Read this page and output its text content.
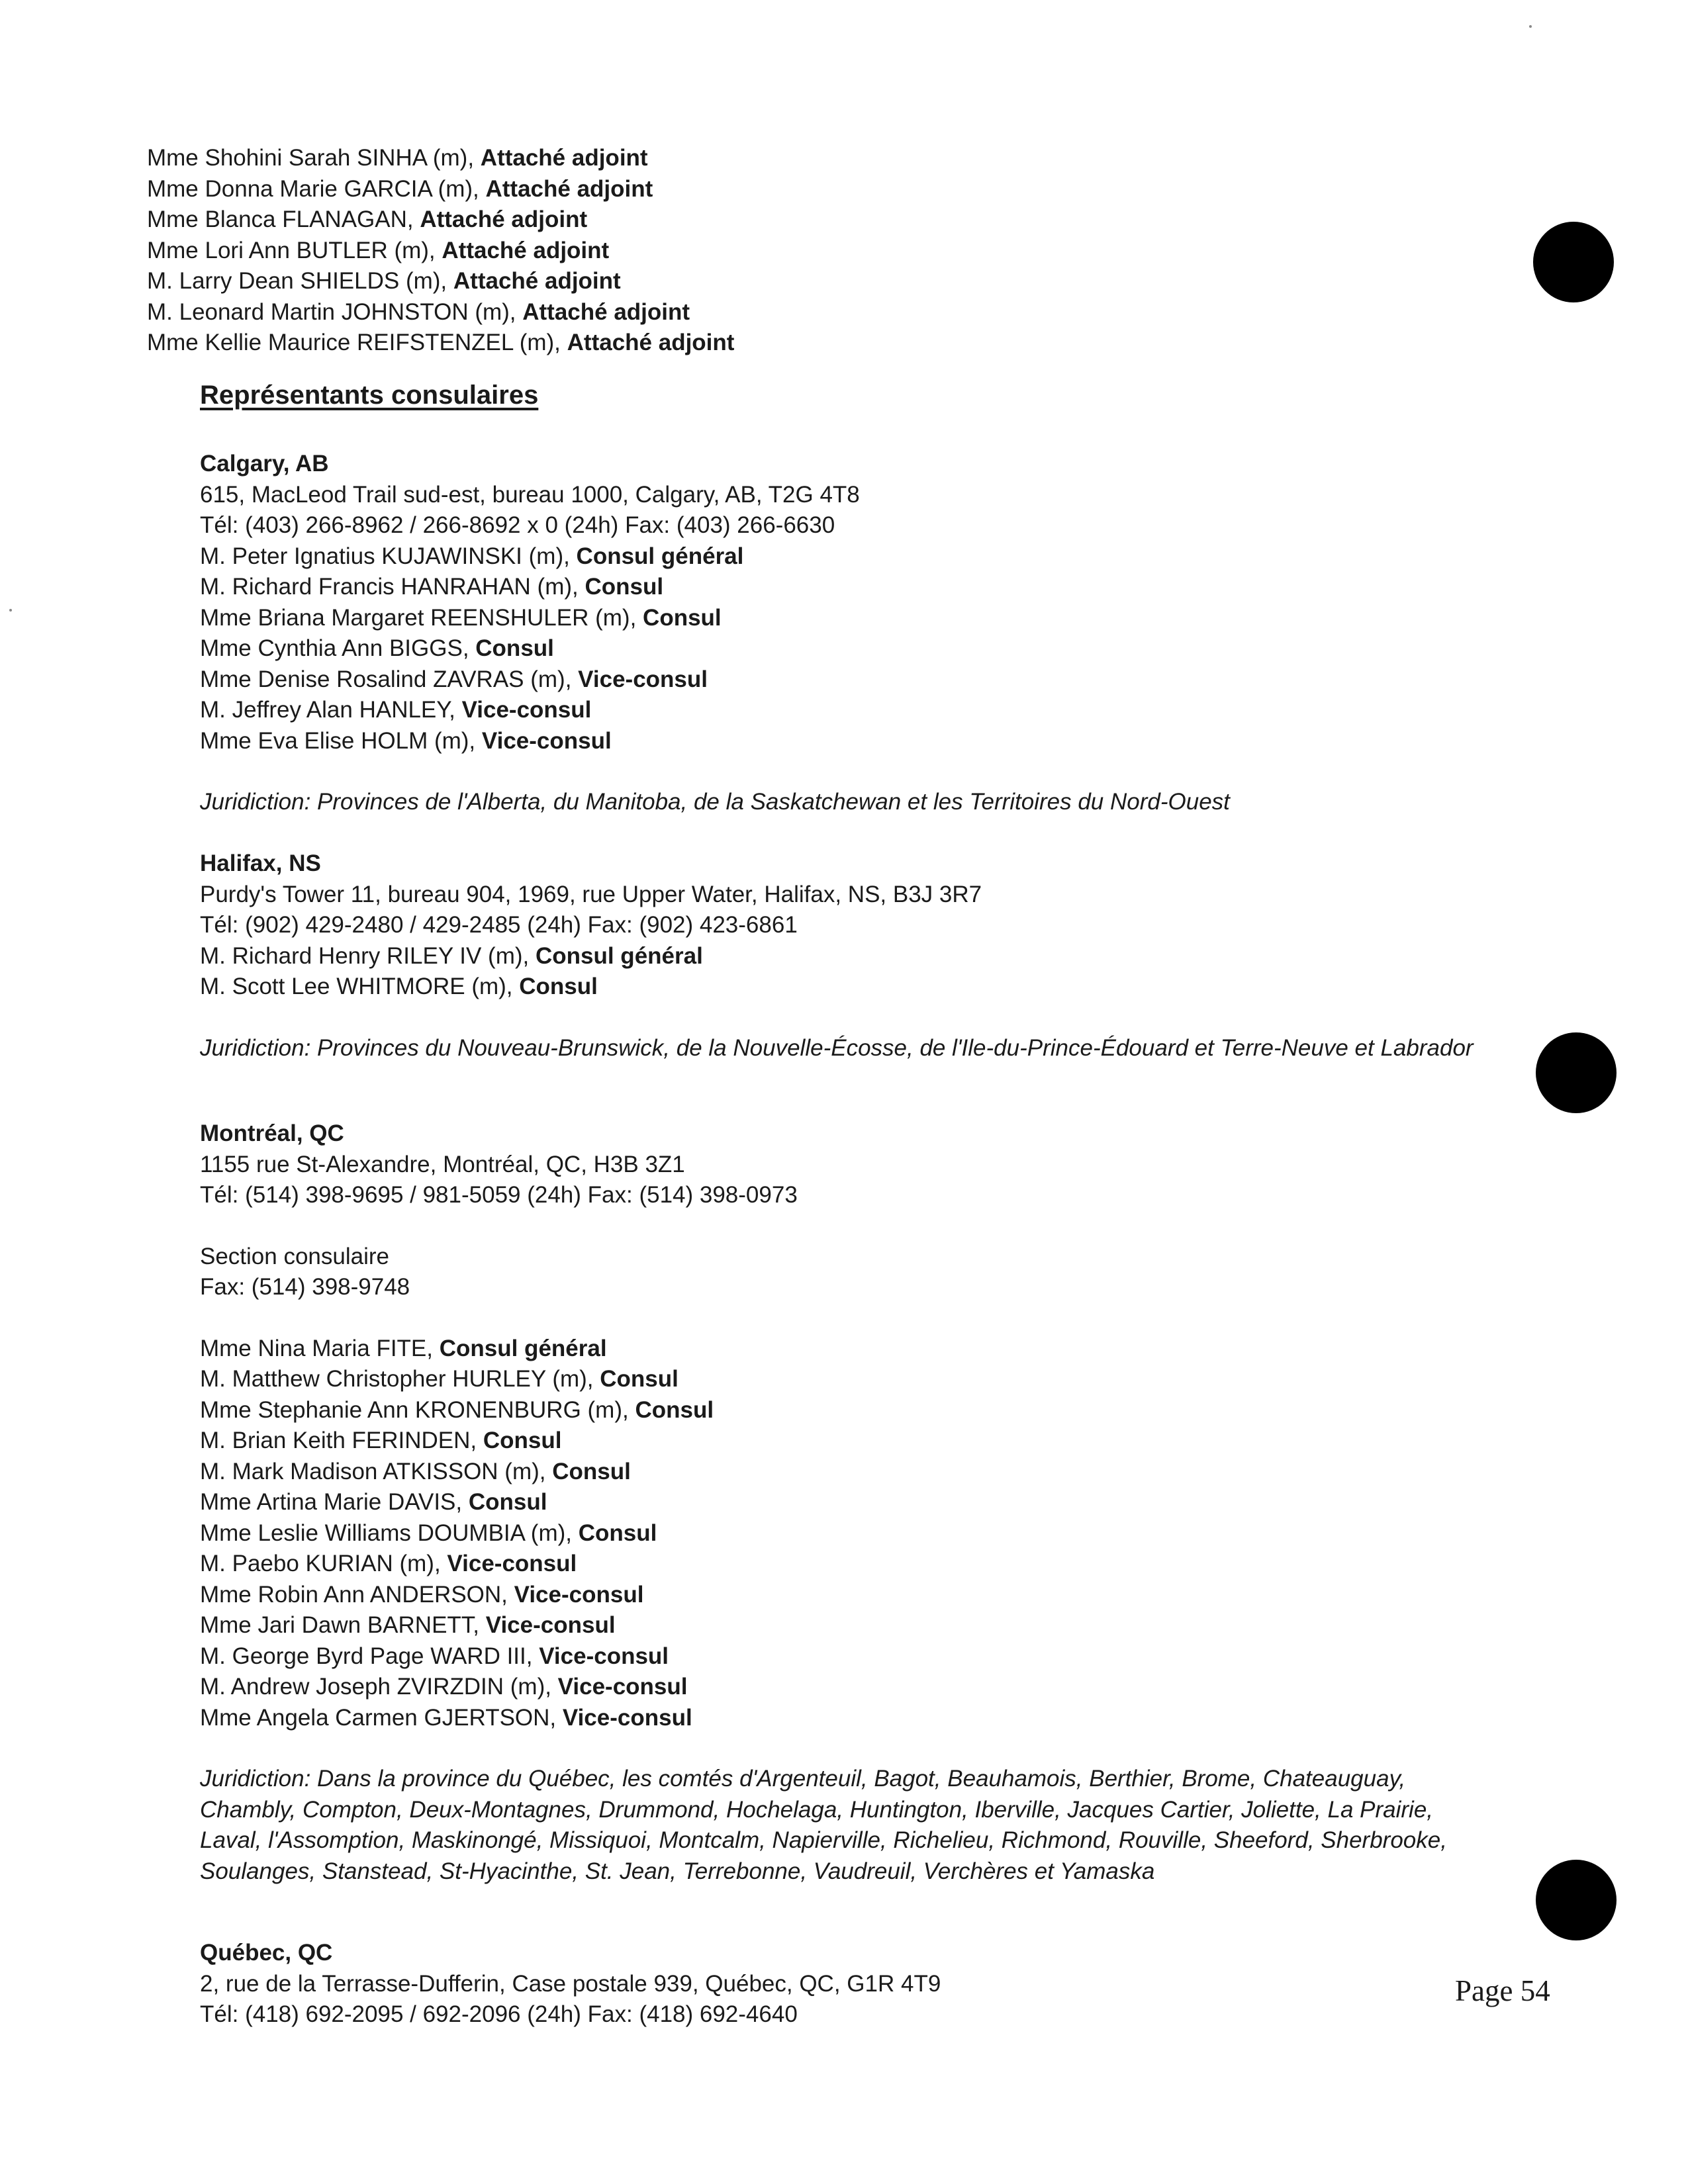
Mme Shohini Sarah SINHA (m), Attaché adjoint
Mme Donna Marie GARCIA (m), Attaché adjoint
Mme Blanca FLANAGAN, Attaché adjoint
Mme Lori Ann BUTLER (m), Attaché adjoint
M. Larry Dean SHIELDS (m), Attaché adjoint
M. Leonard Martin JOHNSTON (m), Attaché adjoint
Mme Kellie Maurice REIFSTENZEL (m), Attaché adjoint
Représentants consulaires
Calgary, AB
615, MacLeod Trail sud-est, bureau 1000, Calgary, AB, T2G 4T8
Tél: (403) 266-8962 / 266-8692 x 0 (24h) Fax: (403) 266-6630
M. Peter Ignatius KUJAWINSKI (m), Consul général
M. Richard Francis HANRAHAN (m), Consul
Mme Briana Margaret REENSHULER (m), Consul
Mme Cynthia Ann BIGGS, Consul
Mme Denise Rosalind ZAVRAS (m), Vice-consul
M. Jeffrey Alan HANLEY, Vice-consul
Mme Eva Elise HOLM (m), Vice-consul
Juridiction: Provinces de l'Alberta, du Manitoba, de la Saskatchewan et les Territoires du Nord-Ouest
Halifax, NS
Purdy's Tower 11, bureau 904, 1969, rue Upper Water, Halifax, NS, B3J 3R7
Tél: (902) 429-2480 / 429-2485 (24h) Fax: (902) 423-6861
M. Richard Henry RILEY IV (m), Consul général
M. Scott Lee WHITMORE (m), Consul
Juridiction: Provinces du Nouveau-Brunswick, de la Nouvelle-Écosse, de l'Ile-du-Prince-Édouard et Terre-Neuve et Labrador
Montréal, QC
1155 rue St-Alexandre, Montréal, QC, H3B 3Z1
Tél: (514) 398-9695 / 981-5059 (24h) Fax: (514) 398-0973
Section consulaire
Fax: (514) 398-9748
Mme Nina Maria FITE, Consul général
M. Matthew Christopher HURLEY (m), Consul
Mme Stephanie Ann KRONENBURG (m), Consul
M. Brian Keith FERINDEN, Consul
M. Mark Madison ATKISSON (m), Consul
Mme Artina Marie DAVIS, Consul
Mme Leslie Williams DOUMBIA (m), Consul
M. Paebo KURIAN (m), Vice-consul
Mme Robin Ann ANDERSON, Vice-consul
Mme Jari Dawn BARNETT, Vice-consul
M. George Byrd Page WARD III, Vice-consul
M. Andrew Joseph ZVIRZDIN (m), Vice-consul
Mme Angela Carmen GJERTSON, Vice-consul
Juridiction: Dans la province du Québec, les comtés d'Argenteuil, Bagot, Beauhamois, Berthier, Brome, Chateauguay, Chambly, Compton, Deux-Montagnes, Drummond, Hochelaga, Huntington, Iberville, Jacques Cartier, Joliette, La Prairie, Laval, l'Assomption, Maskinongé, Missiquoi, Montcalm, Napierville, Richelieu, Richmond, Rouville, Sheeford, Sherbrooke, Soulanges, Stanstead, St-Hyacinthe, St. Jean, Terrebonne, Vaudreuil, Verchères et Yamaska
Québec, QC
2, rue de la Terrasse-Dufferin, Case postale 939, Québec, QC, G1R 4T9
Tél: (418) 692-2095 / 692-2096 (24h) Fax: (418) 692-4640
Page 54
